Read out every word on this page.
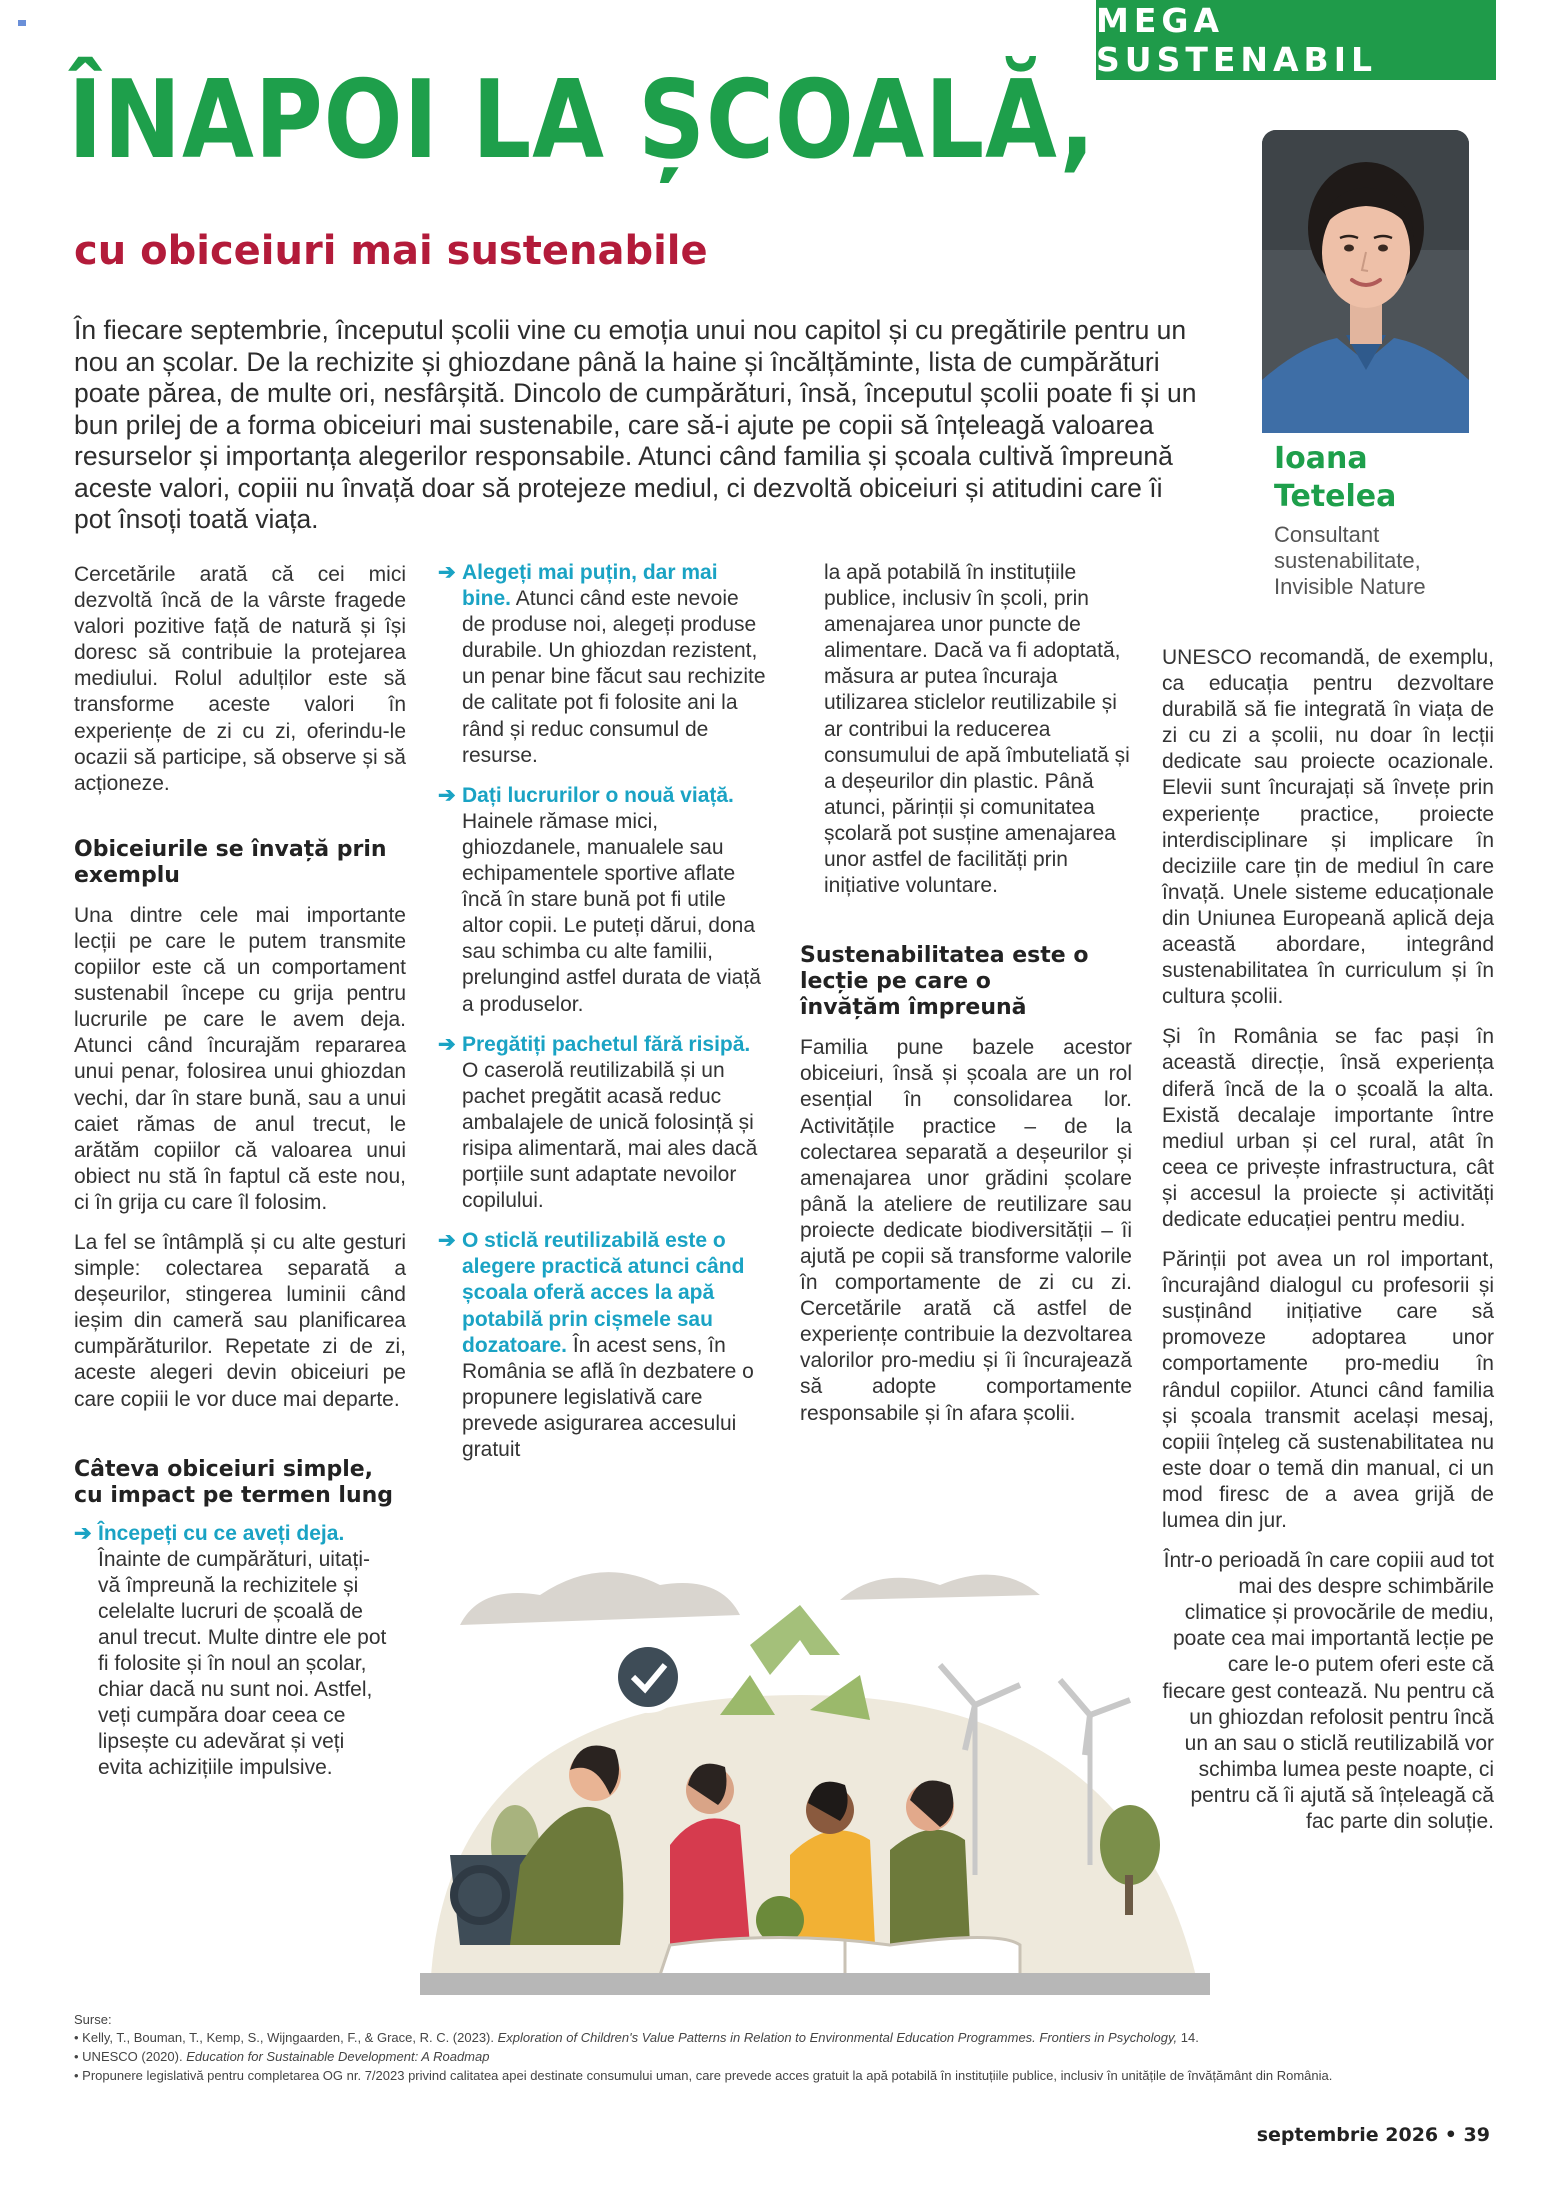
MEGA SUSTENABIL
ÎNAPOI LA ȘCOALĂ,
cu obiceiuri mai sustenabile
În fiecare septembrie, începutul școlii vine cu emoția unui nou capitol și cu pregătirile pentru un nou an școlar. De la rechizite și ghiozdane până la haine și încălțăminte, lista de cumpărături poate părea, de multe ori, nesfârșită. Dincolo de cumpărături, însă, începutul școlii poate fi și un bun prilej de a forma obiceiuri mai sustenabile, care să-i ajute pe copii să înțeleagă valoarea resurselor și importanța alegerilor responsabile. Atunci când familia și școala cultivă împreună aceste valori, copiii nu învață doar să protejeze mediul, ci dezvoltă obiceiuri și atitudini care îi pot însoți toată viața.
Ioana
Tetelea
Consultant sustenabilitate, Invisible Nature

Cercetările arată că cei mici dezvoltă încă de la vârste fragede valori pozitive față de natură și își doresc să contribuie la protejarea mediului. Rolul adulților este să transforme aceste valori în experiențe de zi cu zi, oferindu-le ocazii să participe, să observe și să acționeze.

Obiceiurile se învață prin exemplu

Una dintre cele mai importante lecții pe care le putem transmite copiilor este că un comportament sustenabil începe cu grija pentru lucrurile pe care le avem deja. Atunci când încurajăm repararea unui penar, folosirea unui ghiozdan vechi, dar în stare bună, sau a unui caiet rămas de anul trecut, le arătăm copiilor că valoarea unui obiect nu stă în faptul că este nou, ci în grija cu care îl folosim.

La fel se întâmplă și cu alte gesturi simple: colectarea separată a deșeurilor, stingerea luminii când ieșim din cameră sau planificarea cumpărăturilor. Repetate zi de zi, aceste alegeri devin obiceiuri pe care copiii le vor duce mai departe.

Câteva obiceiuri simple, cu impact pe termen lung
➔ Începeți cu ce aveți deja. Înainte de cumpărături, uitați-vă împreună la rechizitele și celelalte lucruri de școală de anul trecut. Multe dintre ele pot fi folosite și în noul an școlar, chiar dacă nu sunt noi. Astfel, veți cumpăra doar ceea ce lipsește cu adevărat și veți evita achizițiile impulsive.
➔ Alegeți mai puțin, dar mai bine. Atunci când este nevoie de produse noi, alegeți produse durabile. Un ghiozdan rezistent, un penar bine făcut sau rechizite de calitate pot fi folosite ani la rând și reduc consumul de resurse.
➔ Dați lucrurilor o nouă viață. Hainele rămase mici, ghiozdanele, manualele sau echipamentele sportive aflate încă în stare bună pot fi utile altor copii. Le puteți dărui, dona sau schimba cu alte familii, prelungind astfel durata de viață a produselor.
➔ Pregătiți pachetul fără risipă. O caserolă reutilizabilă și un pachet pregătit acasă reduc ambalajele de unică folosință și risipa alimentară, mai ales dacă porțiile sunt adaptate nevoilor copilului.
➔ O sticlă reutilizabilă este o alegere practică atunci când școala oferă acces la apă potabilă prin cișmele sau dozatoare. În acest sens, în România se află în dezbatere o propunere legislativă care prevede asigurarea accesului gratuit

la apă potabilă în instituțiile publice, inclusiv în școli, prin amenajarea unor puncte de alimentare. Dacă va fi adoptată, măsura ar putea încuraja utilizarea sticlelor reutilizabile și ar contribui la reducerea consumului de apă îmbuteliată și a deșeurilor din plastic. Până atunci, părinții și comunitatea școlară pot susține amenajarea unor astfel de facilități prin inițiative voluntare.

Sustenabilitatea este o lecție pe care o învățăm împreună

Familia pune bazele acestor obiceiuri, însă și școala are un rol esențial în consolidarea lor. Activitățile practice – de la colectarea separată a deșeurilor și amenajarea unor grădini școlare până la ateliere de reutilizare sau proiecte dedicate biodiversității – îi ajută pe copii să transforme valorile în comportamente de zi cu zi. Cercetările arată că astfel de experiențe contribuie la dezvoltarea valorilor pro-mediu și îi încurajează să adopte comportamente responsabile și în afara școlii.

UNESCO recomandă, de exemplu, ca educația pentru dezvoltare durabilă să fie integrată în viața de zi cu zi a școlii, nu doar în lecții dedicate sau proiecte ocazionale. Elevii sunt încurajați să învețe prin experiențe practice, proiecte interdisciplinare și implicare în deciziile care țin de mediul în care învață. Unele sisteme educaționale din Uniunea Europeană aplică deja această abordare, integrând sustenabilitatea în curriculum și în cultura școlii.

Și în România se fac pași în această direcție, însă experiența diferă încă de la o școală la alta. Există decalaje importante între mediul urban și cel rural, atât în ceea ce privește infrastructura, cât și accesul la proiecte și activități dedicate educației pentru mediu.

Părinții pot avea un rol important, încurajând dialogul cu profesorii și susținând inițiative care să promoveze adoptarea unor comportamente pro-mediu în rândul copiilor. Atunci când familia și școala transmit același mesaj, copiii înțeleg că sustenabilitatea nu este doar o temă din manual, ci un mod firesc de a avea grijă de lumea din jur.

Într-o perioadă în care copiii aud tot mai des despre schimbările climatice și provocările de mediu, poate cea mai importantă lecție pe care le-o putem oferi este că fiecare gest contează. Nu pentru că un ghiozdan refolosit pentru încă un an sau o sticlă reutilizabilă vor schimba lumea peste noapte, ci pentru că îi ajută să înțeleagă că fac parte din soluție.

Surse:
• Kelly, T., Bouman, T., Kemp, S., Wijngaarden, F., & Grace, R. C. (2023). Exploration of Children's Value Patterns in Relation to Environmental Education Programmes. Frontiers in Psychology, 14.
• UNESCO (2020). Education for Sustainable Development: A Roadmap
• Propunere legislativă pentru completarea OG nr. 7/2023 privind calitatea apei destinate consumului uman, care prevede acces gratuit la apă potabilă în instituțiile publice, inclusiv în unitățile de învățământ din România.
septembrie 2026 • 39
